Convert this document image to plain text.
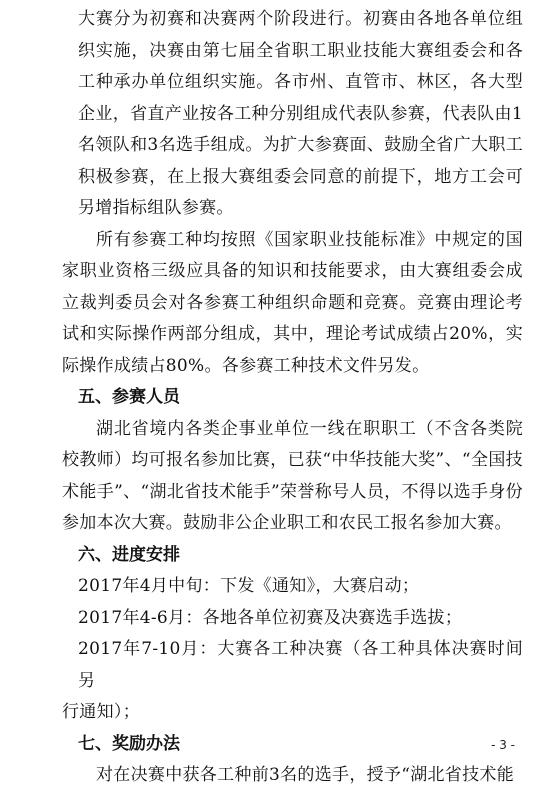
大赛分为初赛和决赛两个阶段进行。初赛由各地各单位组织实施，决赛由第七届全省职工职业技能大赛组委会和各工种承办单位组织实施。各市州、直管市、林区，各大型企业，省直产业按各工种分别组成代表队参赛，代表队由1名领队和3名选手组成。为扩大参赛面、鼓励全省广大职工积极参赛，在上报大赛组委会同意的前提下，地方工会可另增指标组队参赛。

所有参赛工种均按照《国家职业技能标准》中规定的国家职业资格三级应具备的知识和技能要求，由大赛组委会成立裁判委员会对各参赛工种组织命题和竞赛。竞赛由理论考试和实际操作两部分组成，其中，理论考试成绩占20%，实际操作成绩占80%。各参赛工种技术文件另发。

五、参赛人员

湖北省境内各类企事业单位一线在职职工（不含各类院校教师）均可报名参加比赛，已获“中华技能大奖”、“全国技术能手”、“湖北省技术能手”荣誉称号人员，不得以选手身份参加本次大赛。鼓励非公企业职工和农民工报名参加大赛。

六、进度安排

2017年4月中旬：下发《通知》，大赛启动；

2017年4-6月：各地各单位初赛及决赛选手选拔；

2017年7-10月：大赛各工种决赛（各工种具体决赛时间另
行通知）；

七、奖励办法

对在决赛中获各工种前3名的选手，授予“湖北省技术能

- 3 -
